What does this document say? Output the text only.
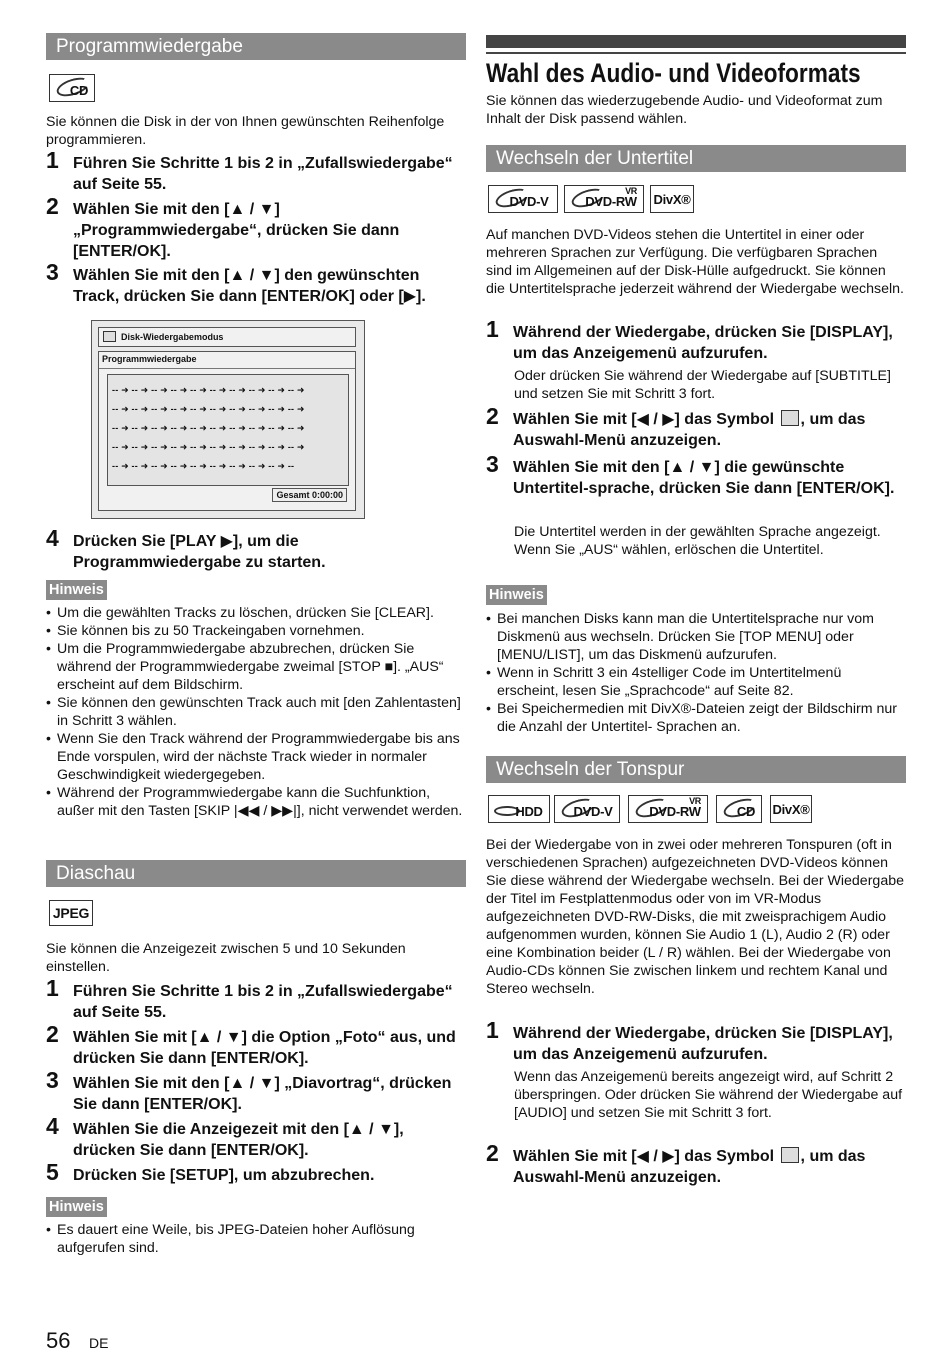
Programmwiedergabe
CD
Sie können die Disk in der von Ihnen gewünschten Reihenfolge programmieren.
1 Führen Sie Schritte 1 bis 2 in „Zufallswiedergabe“ auf Seite 55.
2 Wählen Sie mit den [▲ / ▼] „Programmwiedergabe“, drücken Sie dann [ENTER/OK].
3 Wählen Sie mit den [▲ / ▼] den gewünschten Track, drücken Sie dann [ENTER/OK] oder [▶].
Disk-Wiedergabemodus
Programmwiedergabe
-- ➜ -- ➜ -- ➜ -- ➜ -- ➜ -- ➜ -- ➜ -- ➜ -- ➜ -- ➜
-- ➜ -- ➜ -- ➜ -- ➜ -- ➜ -- ➜ -- ➜ -- ➜ -- ➜ -- ➜
-- ➜ -- ➜ -- ➜ -- ➜ -- ➜ -- ➜ -- ➜ -- ➜ -- ➜ -- ➜
-- ➜ -- ➜ -- ➜ -- ➜ -- ➜ -- ➜ -- ➜ -- ➜ -- ➜ -- ➜
-- ➜ -- ➜ -- ➜ -- ➜ -- ➜ -- ➜ -- ➜ -- ➜ -- ➜ --
Gesamt 0:00:00
4 Drücken Sie [PLAY ▶], um die Programmwiedergabe zu starten.
Hinweis
• Um die gewählten Tracks zu löschen, drücken Sie [CLEAR].
• Sie können bis zu 50 Trackeingaben vornehmen.
• Um die Programmwiedergabe abzubrechen, drücken Sie während der Programmwiedergabe zweimal [STOP ■]. „AUS“ erscheint auf dem Bildschirm.
• Sie können den gewünschten Track auch mit [den Zahlentasten] in Schritt 3 wählen.
• Wenn Sie den Track während der Programmwiedergabe bis ans Ende vorspulen, wird der nächste Track wieder in normaler Geschwindigkeit wiedergegeben.
• Während der Programmwiedergabe kann die Suchfunktion, außer mit den Tasten [SKIP |◀◀ / ▶▶|], nicht verwendet werden.
Diaschau
JPEG
Sie können die Anzeigezeit zwischen 5 und 10 Sekunden einstellen.
1 Führen Sie Schritte 1 bis 2 in „Zufallswiedergabe“ auf Seite 55.
2 Wählen Sie mit [▲ / ▼] die Option „Foto“ aus, und drücken Sie dann [ENTER/OK].
3 Wählen Sie mit den [▲ / ▼] „Diavortrag“, drücken Sie dann [ENTER/OK].
4 Wählen Sie die Anzeigezeit mit den [▲ / ▼], drücken Sie dann [ENTER/OK].
5 Drücken Sie [SETUP], um abzubrechen.
Hinweis
• Es dauert eine Weile, bis JPEG-Dateien hoher Auflösung aufgerufen sind.
Wahl des Audio- und Videoformats
Sie können das wiederzugebende Audio- und Videoformat zum Inhalt der Disk passend wählen.
Wechseln der Untertitel
DVD-V
VR
DVD-RW DivX®
Auf manchen DVD-Videos stehen die Untertitel in einer oder mehreren Sprachen zur Verfügung. Die verfügbaren Sprachen sind im Allgemeinen auf der Disk-Hülle aufgedruckt. Sie können die Untertitelsprache jederzeit während der Wiedergabe wechseln.
1 Während der Wiedergabe, drücken Sie [DISPLAY], um das Anzeigemenü aufzurufen.
Oder drücken Sie während der Wiedergabe auf [SUBTITLE] und setzen Sie mit Schritt 3 fort.
2 Wählen Sie mit [◀ / ▶] das Symbol , um das Auswahl-Menü anzuzeigen.
3 Wählen Sie mit den [▲ / ▼] die gewünschte Untertitel-sprache, drücken Sie dann [ENTER/OK].
Die Untertitel werden in der gewählten Sprache angezeigt. Wenn Sie „AUS“ wählen, erlöschen die Untertitel.
Hinweis
• Bei manchen Disks kann man die Untertitelsprache nur vom Diskmenü aus wechseln. Drücken Sie [TOP MENU] oder [MENU/LIST], um das Diskmenü aufzurufen.
• Wenn in Schritt 3 ein 4stelliger Code im Untertitelmenü erscheint, lesen Sie „Sprachcode“ auf Seite 82.
• Bei Speichermedien mit DivX®-Dateien zeigt der Bildschirm nur die Anzahl der Untertitel- Sprachen an.
Wechseln der Tonspur
HDD DVD-V
VR
DVD-RW	CD DivX®
Bei der Wiedergabe von in zwei oder mehreren Tonspuren (oft in verschiedenen Sprachen) aufgezeichneten DVD-Videos können Sie diese während der Wiedergabe wechseln. Bei der Wiedergabe der Titel im Festplattenmodus oder von im VR-Modus aufgezeichneten DVD-RW-Disks, die mit zweisprachigem Audio aufgenommen wurden, können Sie Audio 1 (L), Audio 2 (R) oder eine Kombination beider (L / R) wählen. Bei der Wiedergabe von Audio-CDs können Sie zwischen linkem und rechtem Kanal und Stereo wechseln.
1 Während der Wiedergabe, drücken Sie [DISPLAY], um das Anzeigemenü aufzurufen.
Wenn das Anzeigemenü bereits angezeigt wird, auf Schritt 2 überspringen. Oder drücken Sie während der Wiedergabe auf [AUDIO] und setzen Sie mit Schritt 3 fort.
2 Wählen Sie mit [◀ / ▶] das Symbol , um das Auswahl-Menü anzuzeigen.
56 DE
